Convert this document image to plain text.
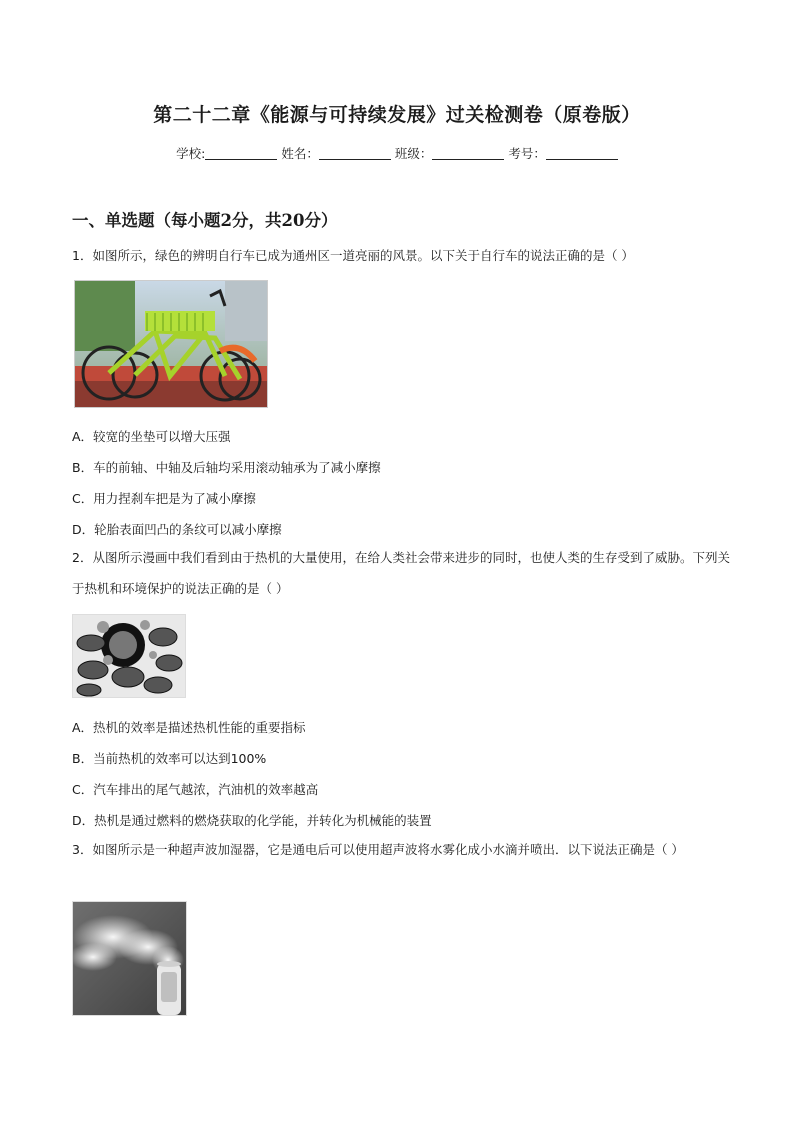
第二十二章《能源与可持续发展》过关检测卷（原卷版）
学校:	姓名：	班级：	考号：
一、单选题（每小题2分，共20分）
1．如图所示，绿色的辨明自行车已成为通州区一道亮丽的风景。以下关于自行车的说法正确的是（ ）
A．较宽的坐垫可以增大压强
B．车的前轴、中轴及后轴均采用滚动轴承为了减小摩擦
C．用力捏刹车把是为了减小摩擦
D．轮胎表面凹凸的条纹可以减小摩擦
2．从图所示漫画中我们看到由于热机的大量使用，在给人类社会带来进步的同时，也使人类的生存受到了威胁。下列关于热机和环境保护的说法正确的是（ ）
A．热机的效率是描述热机性能的重要指标
B．当前热机的效率可以达到100%
C．汽车排出的尾气越浓，汽油机的效率越高
D．热机是通过燃料的燃烧获取的化学能，并转化为机械能的装置
3．如图所示是一种超声波加湿器，它是通电后可以使用超声波将水雾化成小水滴并喷出．以下说法正确是（ ）
